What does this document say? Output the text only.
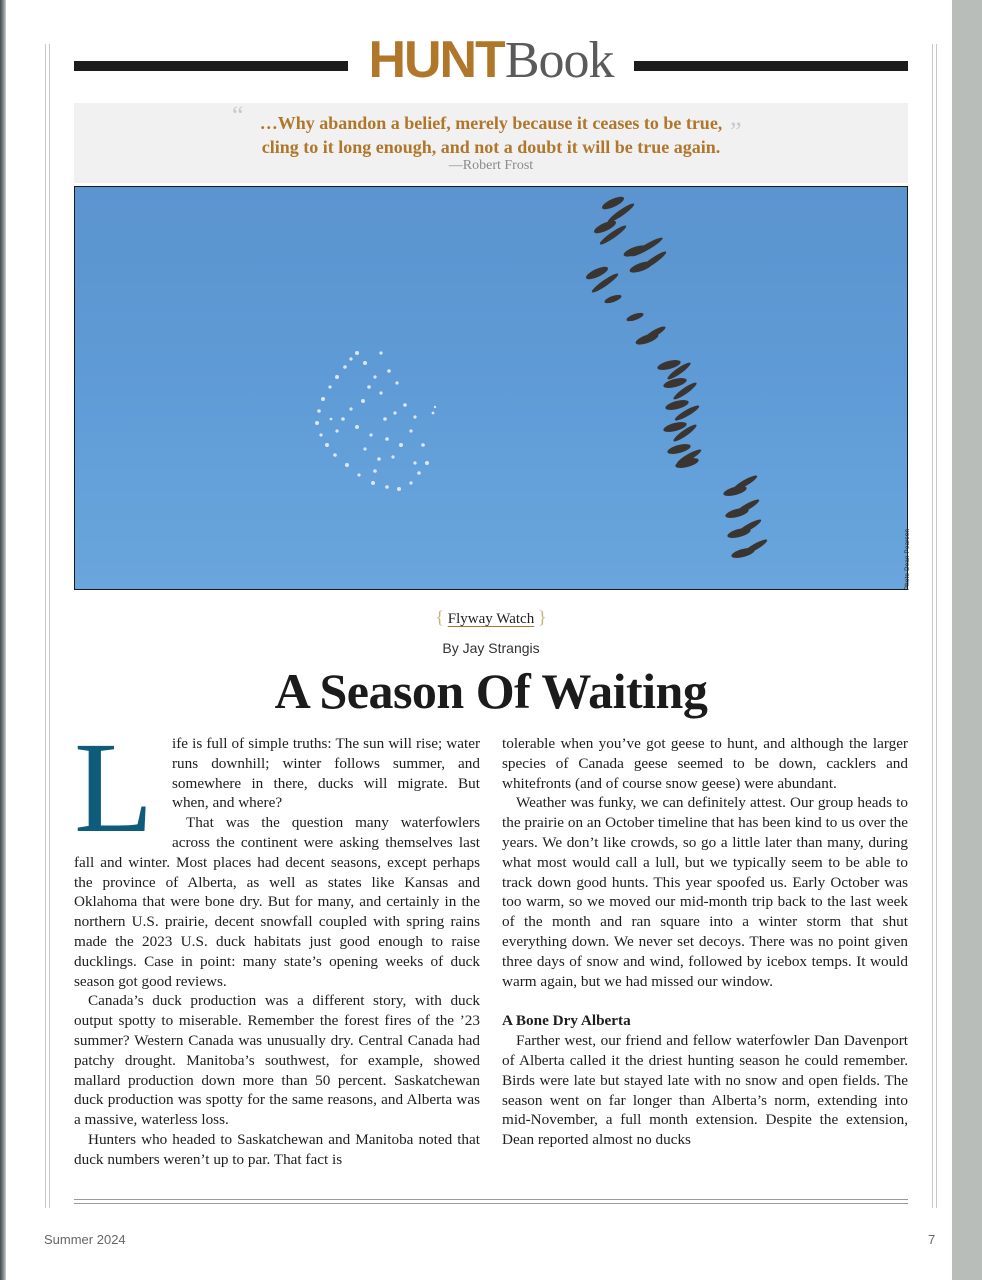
HUNTBook
“ …Why abandon a belief, merely because it ceases to be true,
cling to it long enough, and not a doubt it will be true again.
”
—Robert Frost
Photo Dean Pearson
{ Flyway Watch }
By Jay Strangis
A Season Of Waiting
L	ife is full of simple truths: The sun will rise; water runs downhill; winter follows summer, and somewhere in there, ducks will migrate. But when, and where?

That was the question many waterfowlers across the continent were asking themselves last fall and winter. Most places had decent seasons, except perhaps the province of Alberta, as well as states like Kansas and Oklahoma that were bone dry. But for many, and certainly in the northern U.S. prairie, decent snowfall coupled with spring rains made the 2023 U.S. duck habitats just good enough to raise ducklings. Case in point: many state’s opening weeks of duck season got good reviews.

Canada’s duck production was a different story, with duck output spotty to miserable. Remember the forest fires of the ’23 summer? Western Canada was unusually dry. Central Canada had patchy drought. Manitoba’s southwest, for example, showed mallard production down more than 50 percent. Saskatchewan duck production was spotty for the same reasons, and Alberta was a massive, waterless loss.

Hunters who headed to Saskatchewan and Manitoba noted that duck numbers weren’t up to par. That fact is

tolerable when you’ve got geese to hunt, and although the larger species of Canada geese seemed to be down, cacklers and whitefronts (and of course snow geese) were abundant.

Weather was funky, we can definitely attest. Our group heads to the prairie on an October timeline that has been kind to us over the years. We don’t like crowds, so go a little later than many, during what most would call a lull, but we typically seem to be able to track down good hunts. This year spoofed us. Early October was too warm, so we moved our mid-month trip back to the last week of the month and ran square into a winter storm that shut everything down. We never set decoys. There was no point given three days of snow and wind, followed by icebox temps. It would warm again, but we had missed our window.

A Bone Dry Alberta

Farther west, our friend and fellow waterfowler Dan Davenport of Alberta called it the driest hunting season he could remember. Birds were late but stayed late with no snow and open fields. The season went on far longer than Alberta’s norm, extending into mid-November, a full month extension. Despite the extension, Dean reported almost no ducks

Summer 2024	7
